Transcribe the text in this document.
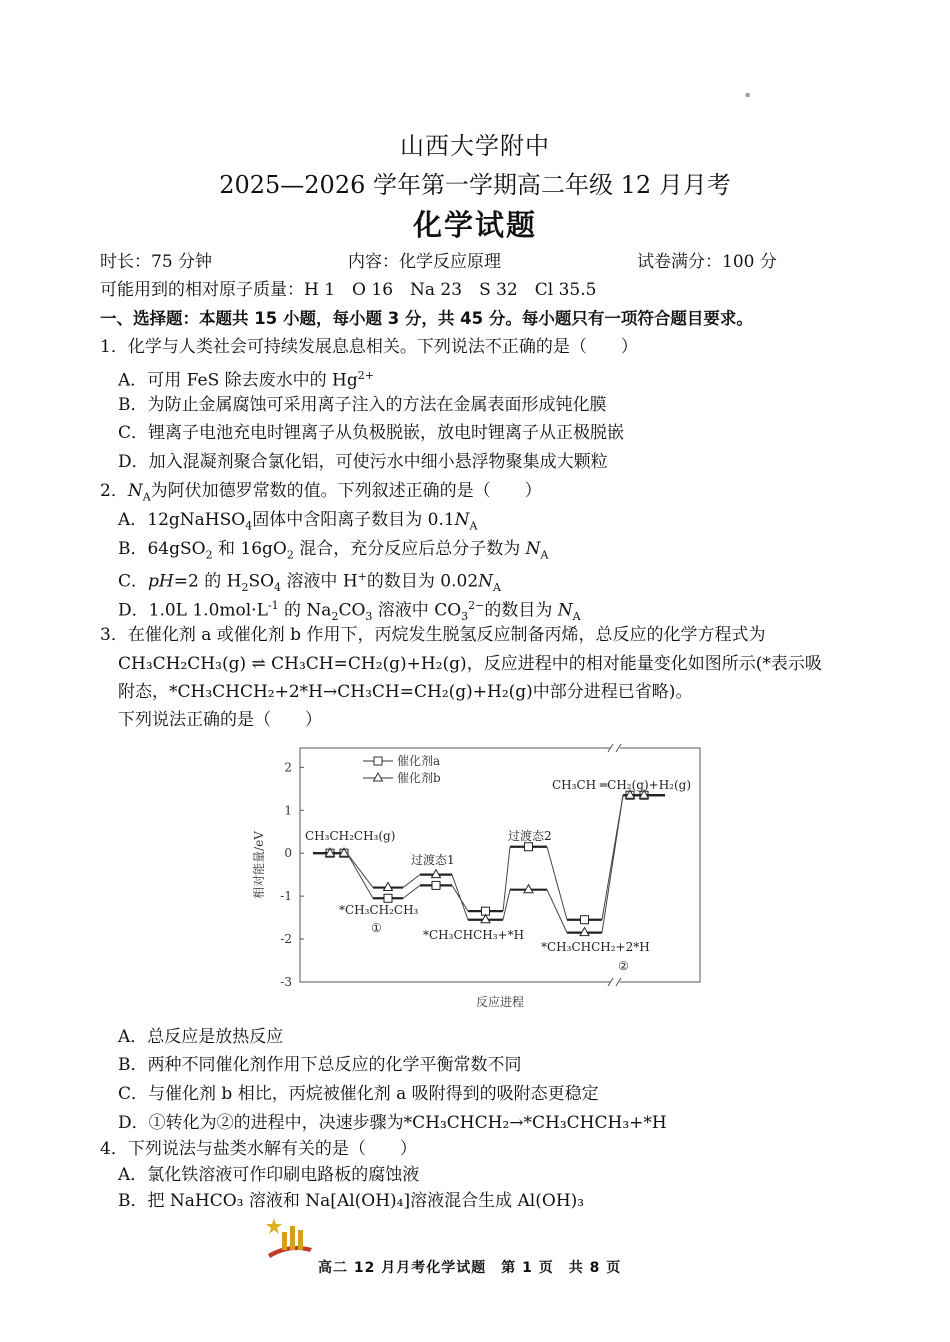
▪
山西大学附中
2025—2026 学年第一学期高二年级 12 月月考
化学试题
时长：75 分钟	内容：化学反应原理	试卷满分：100 分
可能用到的相对原子质量：H 1　O 16　Na 23　S 32　Cl 35.5
一、选择题：本题共 15 小题，每小题 3 分，共 45 分。每小题只有一项符合题目要求。
1．化学与人类社会可持续发展息息相关。下列说法不正确的是（　　）
A．可用 FeS 除去废水中的 $Hg^{2+}$
B．为防止金属腐蚀可采用离子注入的方法在金属表面形成钝化膜
C．锂离子电池充电时锂离子从负极脱嵌，放电时锂离子从正极脱嵌
D．加入混凝剂聚合氯化铝，可使污水中细小悬浮物聚集成大颗粒
2．$N_A$为阿伏加德罗常数的值。下列叙述正确的是（　　）
A．12gNaHSO$_4$固体中含阳离子数目为 $0.1N_A$
B．64gSO$_2$ 和 $16gO_2$ 混合，充分反应后总分子数为 $N_A$
C．pH=2 的 $H_2SO_4$ 溶液中 H+的数目为 $0.02N_A$
D．1.0L $1.0mol\cdot L^{-1}$ 的 $Na_2CO_3$ 溶液中 $CO_3^{2-}$的数目为 $N_A$
3．在催化剂 a 或催化剂 b 作用下，丙烷发生脱氢反应制备丙烯，总反应的化学方程式为
CH₃CH₂CH₃(g) ⇌ CH₃CH=CH₂(g)+H₂(g)，反应进程中的相对能量变化如图所示(*表示吸
附态，*CH₃CHCH₂+2*H→CH₃CH=CH₂(g)+H₂(g)中部分进程已省略)。
下列说法正确的是（　　）
2
1
0
-1
-2
-3
相对能量/eV
反应进程
催化剂a
催化剂b
CH₃CH₂CH₃(g)
*CH₃CH₂CH₃
①
过渡态1
*CH₃CHCH₃+*H
过渡态2
*CH₃CHCH₂+2*H
②
CH₃CH ═CH₂(g)+H₂(g)
A．总反应是放热反应
B．两种不同催化剂作用下总反应的化学平衡常数不同
C．与催化剂 b 相比，丙烷被催化剂 a 吸附得到的吸附态更稳定
D．①转化为②的进程中，决速步骤为*CH₃CHCH₂→*CH₃CHCH₃+*H
4．下列说法与盐类水解有关的是（　　）
A．氯化铁溶液可作印刷电路板的腐蚀液
B．把 NaHCO₃ 溶液和 Na[Al(OH)₄]溶液混合生成 Al(OH)₃
高二 12 月月考化学试题　第 1 页　共 8 页
